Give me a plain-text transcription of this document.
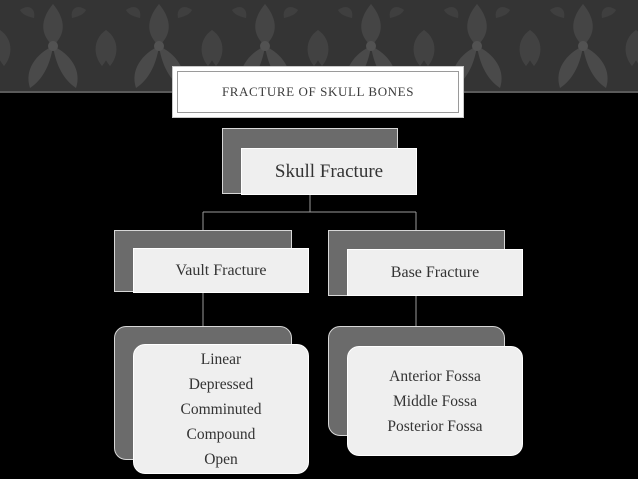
FRACTURE OF SKULL BONES
Skull Fracture
Vault Fracture	Base Fracture
Linear
Depressed
Comminuted
Compound
Open
Anterior Fossa
Middle Fossa
Posterior Fossa
